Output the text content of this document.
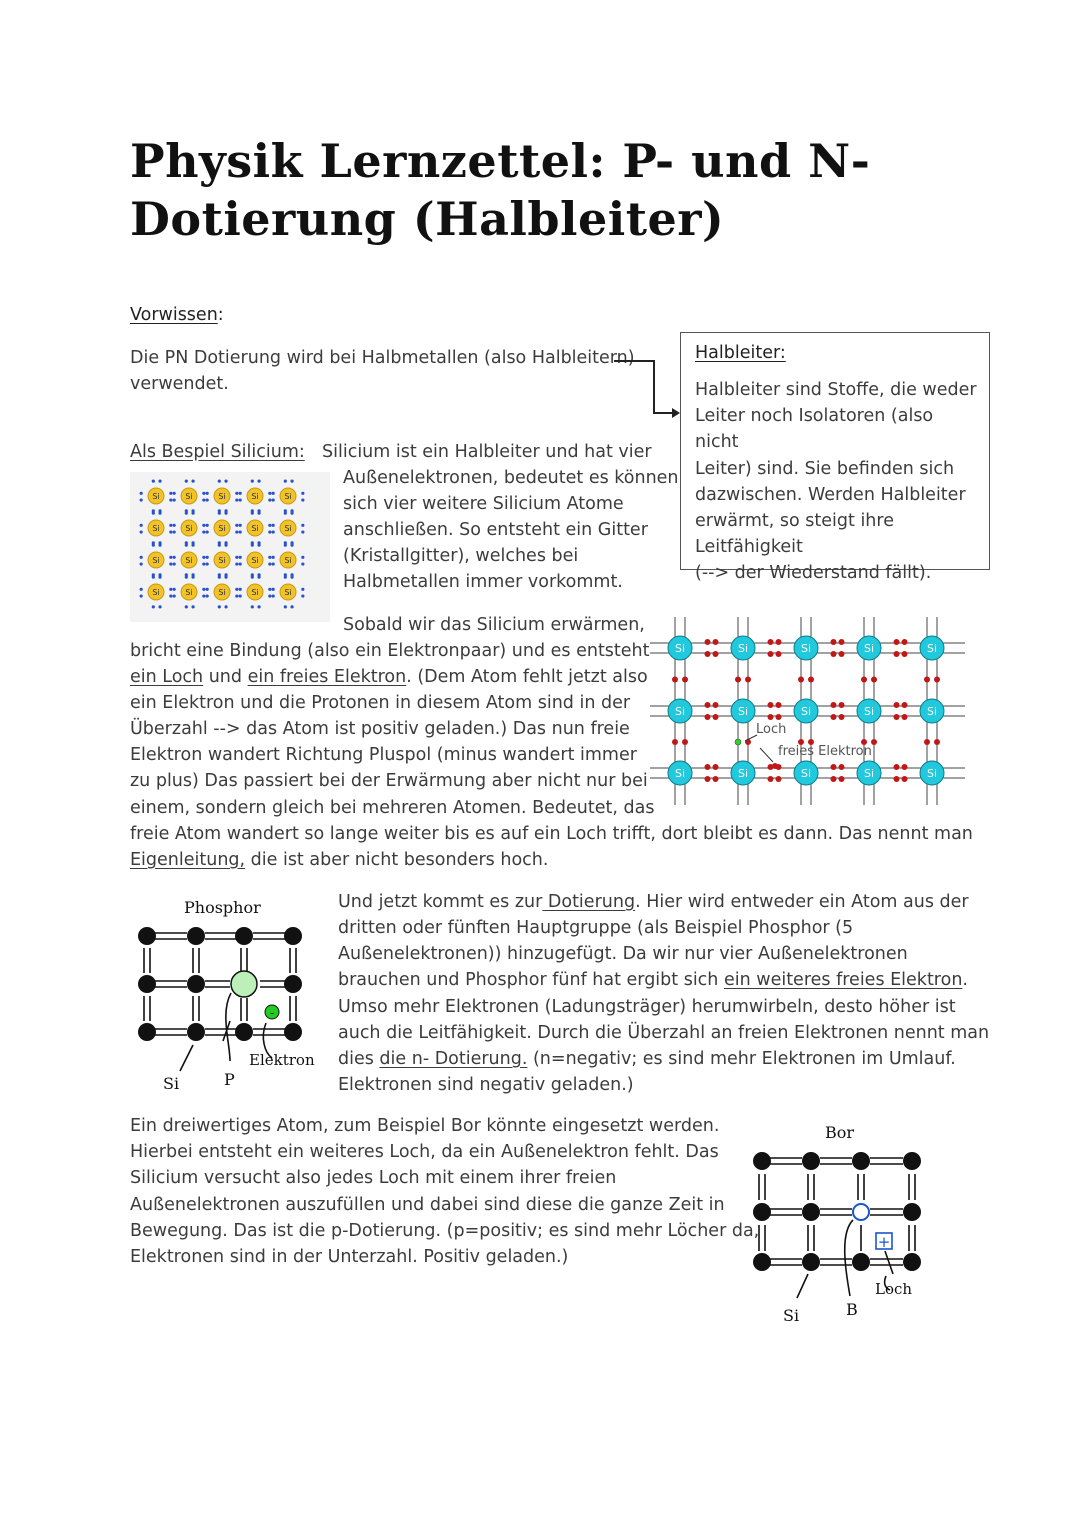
Physik Lernzettel: P- und N- Dotierung (Halbleiter)
Vorwissen:
Die PN Dotierung wird bei Halbmetallen (also Halbleitern)
verwendet.
Halbleiter:
Halbleiter sind Stoffe, die weder
Leiter noch Isolatoren (also nicht
Leiter) sind. Sie befinden sich
dazwischen. Werden Halbleiter
erwärmt, so steigt ihre
Leitfähigkeit
(--> der Wiederstand fällt).
Als Bespiel Silicium: Silicium ist ein Halbleiter und hat vier
Außenelektronen, bedeutet es können
sich vier weitere Silicium Atome
anschließen. So entsteht ein Gitter
(Kristallgitter), welches bei
Halbmetallen immer vorkommt.
Si	Si	Si	Si	Si
Si	Si	Si	Si	Si
Si	Si	Si	Si	Si
Si	Si	Si	Si	Si
Sobald wir das Silicium erwärmen,
bricht eine Bindung (also ein Elektronpaar) und es entsteht
ein Loch und ein freies Elektron. (Dem Atom fehlt jetzt also
ein Elektron und die Protonen in diesem Atom sind in der
Überzahl --> das Atom ist positiv geladen.) Das nun freie
Elektron wandert Richtung Pluspol (minus wandert immer
zu plus) Das passiert bei der Erwärmung aber nicht nur bei
einem, sondern gleich bei mehreren Atomen. Bedeutet, das
freie Atom wandert so lange weiter bis es auf ein Loch trifft, dort bleibt es dann. Das nennt man
Eigenleitung, die ist aber nicht besonders hoch.
Si	Si	Si	Si	Si
Si	Si	Si	Si	Si
Si	Si	Si	Si	Si
Loch
freies Elektron
Und jetzt kommt es zur Dotierung. Hier wird entweder ein Atom aus der
dritten oder fünften Hauptgruppe (als Beispiel Phosphor (5
Außenelektronen)) hinzugefügt. Da wir nur vier Außenelektronen
brauchen und Phosphor fünf hat ergibt sich ein weiteres freies Elektron.
Umso mehr Elektronen (Ladungsträger) herumwirbeln, desto höher ist
auch die Leitfähigkeit. Durch die Überzahl an freien Elektronen nennt man
dies die n- Dotierung. (n=negativ; es sind mehr Elektronen im Umlauf.
Elektronen sind negativ geladen.)
Phosphor
-
Elektron
Si	P
Ein dreiwertiges Atom, zum Beispiel Bor könnte eingesetzt werden.
Hierbei entsteht ein weiteres Loch, da ein Außenelektron fehlt. Das
Silicium versucht also jedes Loch mit einem ihrer freien
Außenelektronen auszufüllen und dabei sind diese die ganze Zeit in
Bewegung. Das ist die p-Dotierung. (p=positiv; es sind mehr Löcher da,
Elektronen sind in der Unterzahl. Positiv geladen.)
Bor
+
Loch
Si	B
